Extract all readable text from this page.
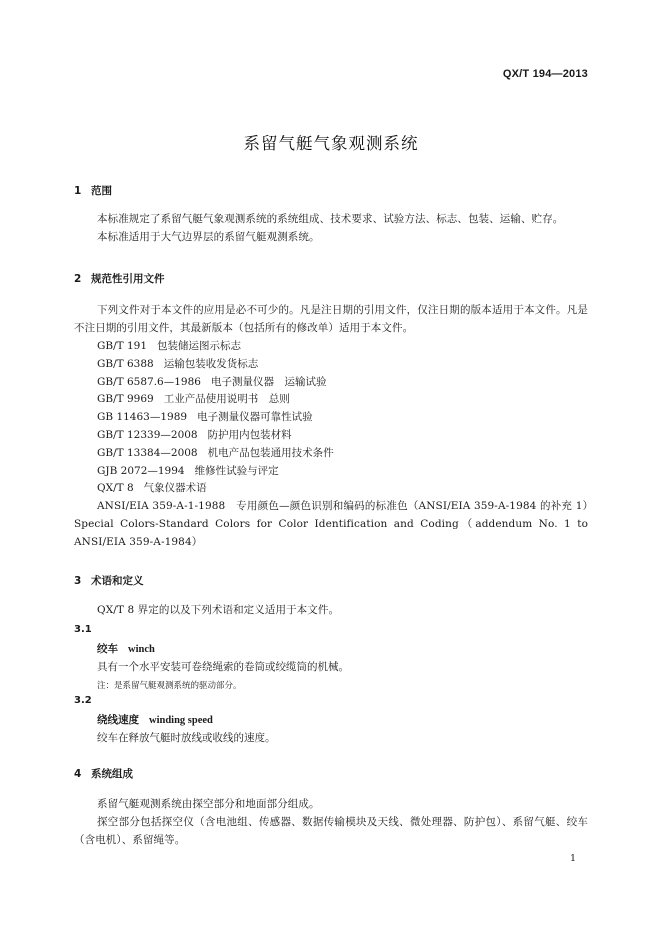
QX/T 194—2013
系留气艇气象观测系统
1 范围
本标准规定了系留气艇气象观测系统的系统组成、技术要求、试验方法、标志、包装、运输、贮存。
本标准适用于大气边界层的系留气艇观测系统。
2 规范性引用文件
下列文件对于本文件的应用是必不可少的。凡是注日期的引用文件，仅注日期的版本适用于本文件。凡是不注日期的引用文件，其最新版本（包括所有的修改单）适用于本文件。
GB/T 191 包装储运图示标志
GB/T 6388 运输包装收发货标志
GB/T 6587.6—1986 电子测量仪器　运输试验
GB/T 9969 工业产品使用说明书　总则
GB 11463—1989 电子测量仪器可靠性试验
GB/T 12339—2008 防护用内包装材料
GB/T 13384—2008 机电产品包装通用技术条件
GJB 2072—1994 维修性试验与评定
QX/T 8 气象仪器术语
ANSI/EIA 359-A-1-1988　专用颜色—颜色识别和编码的标准色（ANSI/EIA 359-A-1984 的补充 1）Special Colors-Standard Colors for Color Identification and Coding（addendum No. 1 to ANSI/EIA 359-A-1984）
3 术语和定义
QX/T 8 界定的以及下列术语和定义适用于本文件。
3.1
绞车 winch
具有一个水平安装可卷绕绳索的卷筒或绞缆筒的机械。
注：是系留气艇观测系统的驱动部分。
3.2
绕线速度 winding speed
绞车在释放气艇时放线或收线的速度。
4 系统组成
系留气艇观测系统由探空部分和地面部分组成。
探空部分包括探空仪（含电池组、传感器、数据传输模块及天线、微处理器、防护包）、系留气艇、绞车（含电机）、系留绳等。
1
